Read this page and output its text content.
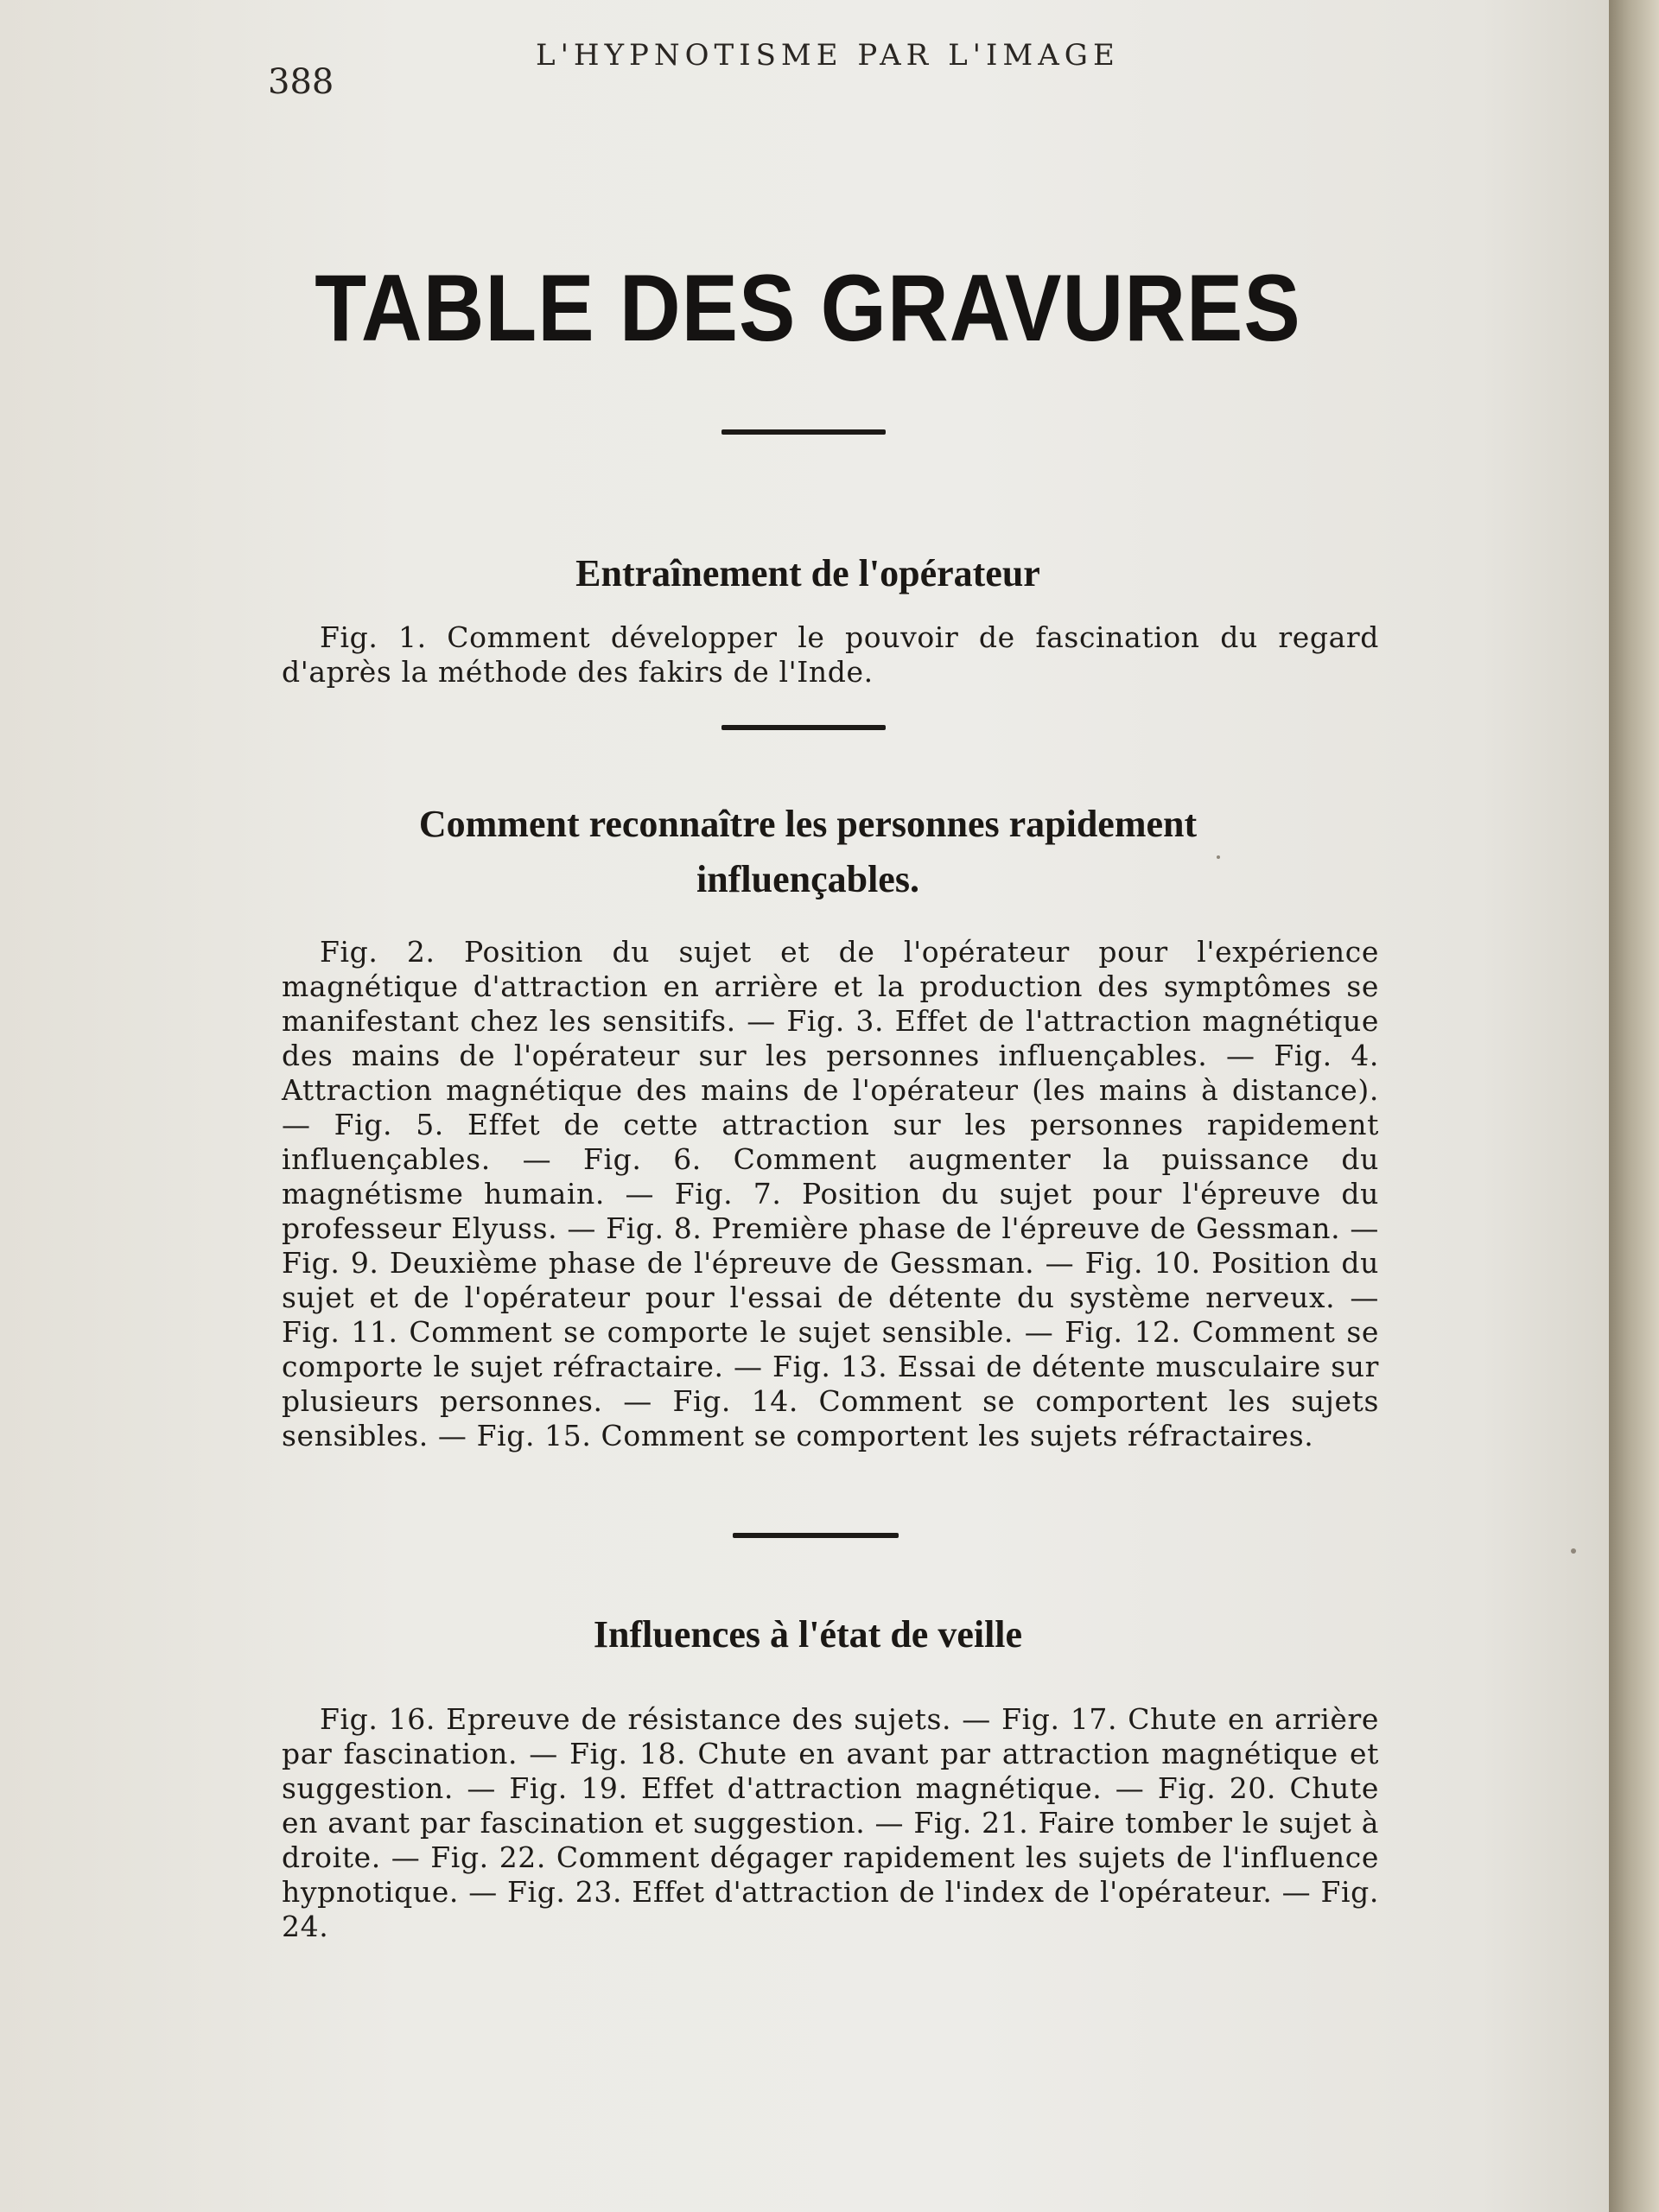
388
L'HYPNOTISME PAR L'IMAGE
TABLE DES GRAVURES
Entraînement de l'opérateur
Fig. 1. Comment développer le pouvoir de fascination du regard d'après la méthode des fakirs de l'Inde.
Comment reconnaître les personnes rapidement influençables.
Fig. 2. Position du sujet et de l'opérateur pour l'expérience magnétique d'attraction en arrière et la production des symptômes se manifestant chez les sensitifs. — Fig. 3. Effet de l'attraction magnétique des mains de l'opérateur sur les personnes influençables. — Fig. 4. Attraction magnétique des mains de l'opérateur (les mains à distance). — Fig. 5. Effet de cette attraction sur les personnes rapidement influençables. — Fig. 6. Comment augmenter la puissance du magnétisme humain. — Fig. 7. Position du sujet pour l'épreuve du professeur Elyuss. — Fig. 8. Première phase de l'épreuve de Gessman. — Fig. 9. Deuxième phase de l'épreuve de Gessman. — Fig. 10. Position du sujet et de l'opérateur pour l'essai de détente du système nerveux. — Fig. 11. Comment se comporte le sujet sensible. — Fig. 12. Comment se comporte le sujet réfractaire. — Fig. 13. Essai de détente musculaire sur plusieurs personnes. — Fig. 14. Comment se comportent les sujets sensibles. — Fig. 15. Comment se comportent les sujets réfractaires.
Influences à l'état de veille
Fig. 16. Epreuve de résistance des sujets. — Fig. 17. Chute en arrière par fascination. — Fig. 18. Chute en avant par attraction magnétique et suggestion. — Fig. 19. Effet d'attraction magnétique. — Fig. 20. Chute en avant par fascination et suggestion. — Fig. 21. Faire tomber le sujet à droite. — Fig. 22. Comment dégager rapidement les sujets de l'influence hypnotique. — Fig. 23. Effet d'attraction de l'index de l'opérateur. — Fig. 24.
